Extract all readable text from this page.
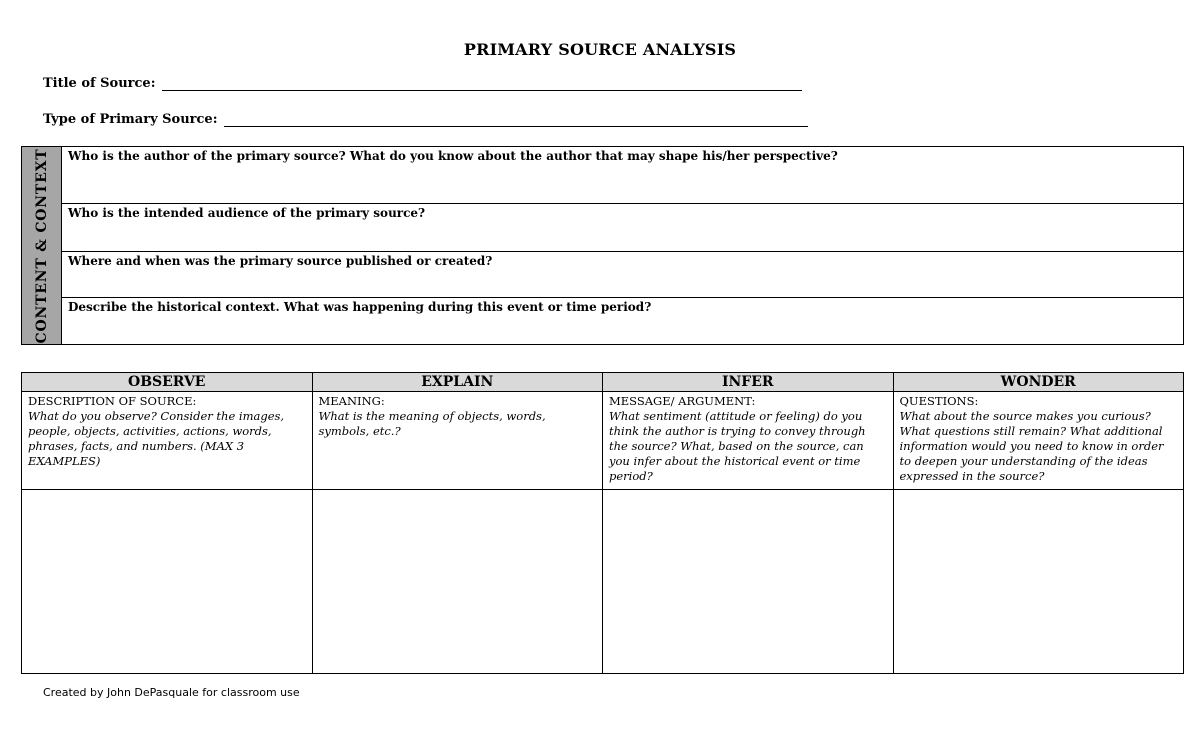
PRIMARY SOURCE ANALYSIS
Title of Source:
Type of Primary Source:
CONTENT & CONTEXT	Who is the author of the primary source? What do you know about the author that may shape his/her perspective?
Who is the intended audience of the primary source?
Where and when was the primary source published or created?
Describe the historical context. What was happening during this event or time period?
OBSERVE
DESCRIPTION OF SOURCE:
What do you observe? Consider the images, people, objects, activities, actions, words, phrases, facts, and numbers. (MAX 3 EXAMPLES)
EXPLAIN
MEANING:
What is the meaning of objects, words, symbols, etc.?
INFER
MESSAGE/ ARGUMENT:
What sentiment (attitude or feeling) do you think the author is trying to convey through the source? What, based on the source, can you infer about the historical event or time period?
WONDER
QUESTIONS:
What about the source makes you curious? What questions still remain? What additional information would you need to know in order to deepen your understanding of the ideas expressed in the source?
Created by John DePasquale for classroom use
